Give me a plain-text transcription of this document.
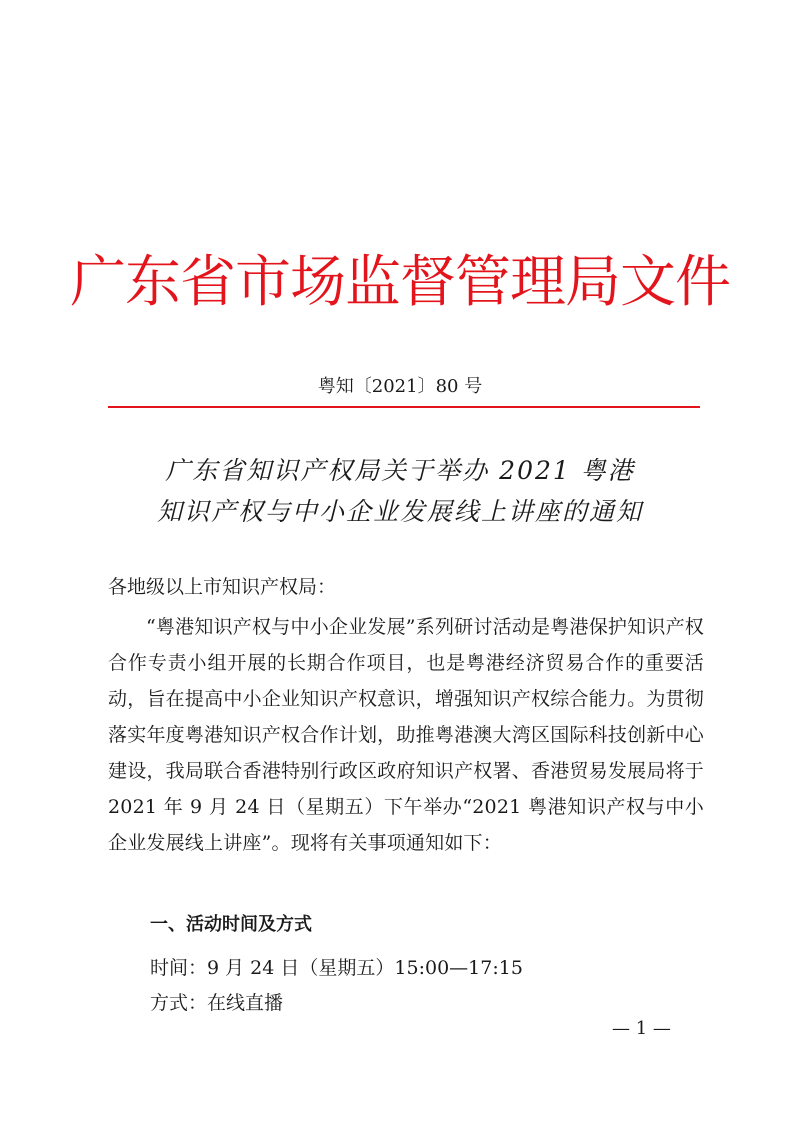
广东省市场监督管理局文件
粤知〔2021〕80 号
广东省知识产权局关于举办 2021 粤港
知识产权与中小企业发展线上讲座的通知
各地级以上市知识产权局：
“粤港知识产权与中小企业发展”系列研讨活动是粤港保护知识产权合作专责小组开展的长期合作项目，也是粤港经济贸易合作的重要活动，旨在提高中小企业知识产权意识，增强知识产权综合能力。为贯彻落实年度粤港知识产权合作计划，助推粤港澳大湾区国际科技创新中心建设，我局联合香港特别行政区政府知识产权署、香港贸易发展局将于 2021 年 9 月 24 日（星期五）下午举办“2021 粤港知识产权与中小企业发展线上讲座”。现将有关事项通知如下：
一、活动时间及方式
时间：9 月 24 日（星期五）15:00—17:15
方式：在线直播
— 1 —
